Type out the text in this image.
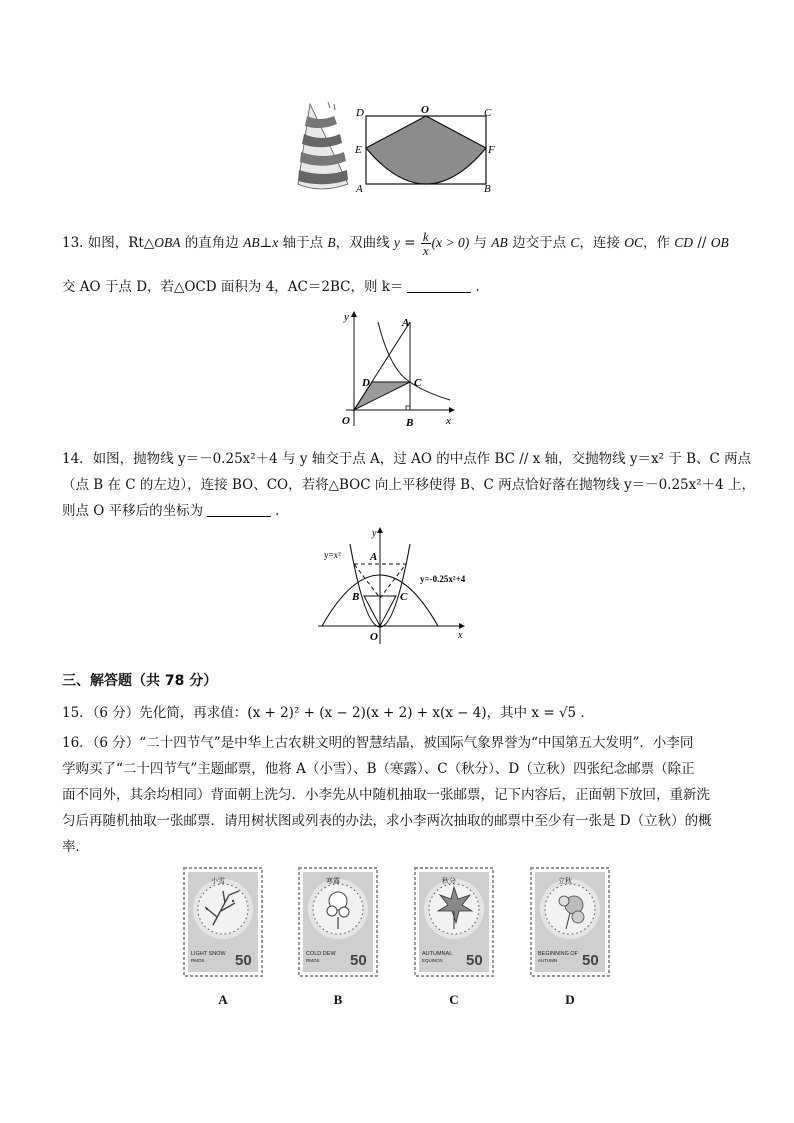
D	O	C
E	F
A	B
13. 如图，Rt△OBA 的直角边 AB⊥x 轴于点 B，双曲线 $y = \frac{k}{x} (x > 0)$ 与 AB 边交于点 C，连接 OC，作 CD // OB
交 AO 于点 D，若△OCD 面积为 4，AC＝2BC，则 k＝	．
y	A
D	C
O	B	x
14．如图，抛物线 y＝－0.25x²＋4 与 y 轴交于点 A，过 AO 的中点作 BC // x 轴，交抛物线 y＝x² 于 B、C 两点
（点 B 在 C 的左边），连接 BO、CO，若将△BOC 向上平移使得 B、C 两点恰好落在抛物线 y＝－0.25x²＋4 上，
则点 O 平移后的坐标为	．
y
y=x²	A
y=-0.25x²+4
B	C
O	x
三、解答题（共 78 分）
15．（6 分）先化简，再求值：(x + 2)² + (x − 2)(x + 2) + x(x − 4)，其中 x = √5 ．
16．（6 分）“二十四节气”是中华上古农耕文明的智慧结晶，被国际气象界誉为“中国第五大发明”．小李同
学购买了“二十四节气”主题邮票，他将 A（小雪）、B（寒露）、C（秋分）、D（立秋）四张纪念邮票（除正
面不同外，其余均相同）背面朝上洗匀．小李先从中随机抽取一张邮票，记下内容后，正面朝下放回，重新洗
匀后再随机抽取一张邮票．请用树状图或列表的办法，求小李两次抽取的邮票中至少有一张是 D（立秋）的概
率．
小雪
LIGHT SNOW
RMOS 50
A
寒露
COLD DEW
RMOS 50
B
秋分
AUTUMNAL
EQUINOX 50
C
立秋
BEGINNING OF
AUTUMN 50
D
